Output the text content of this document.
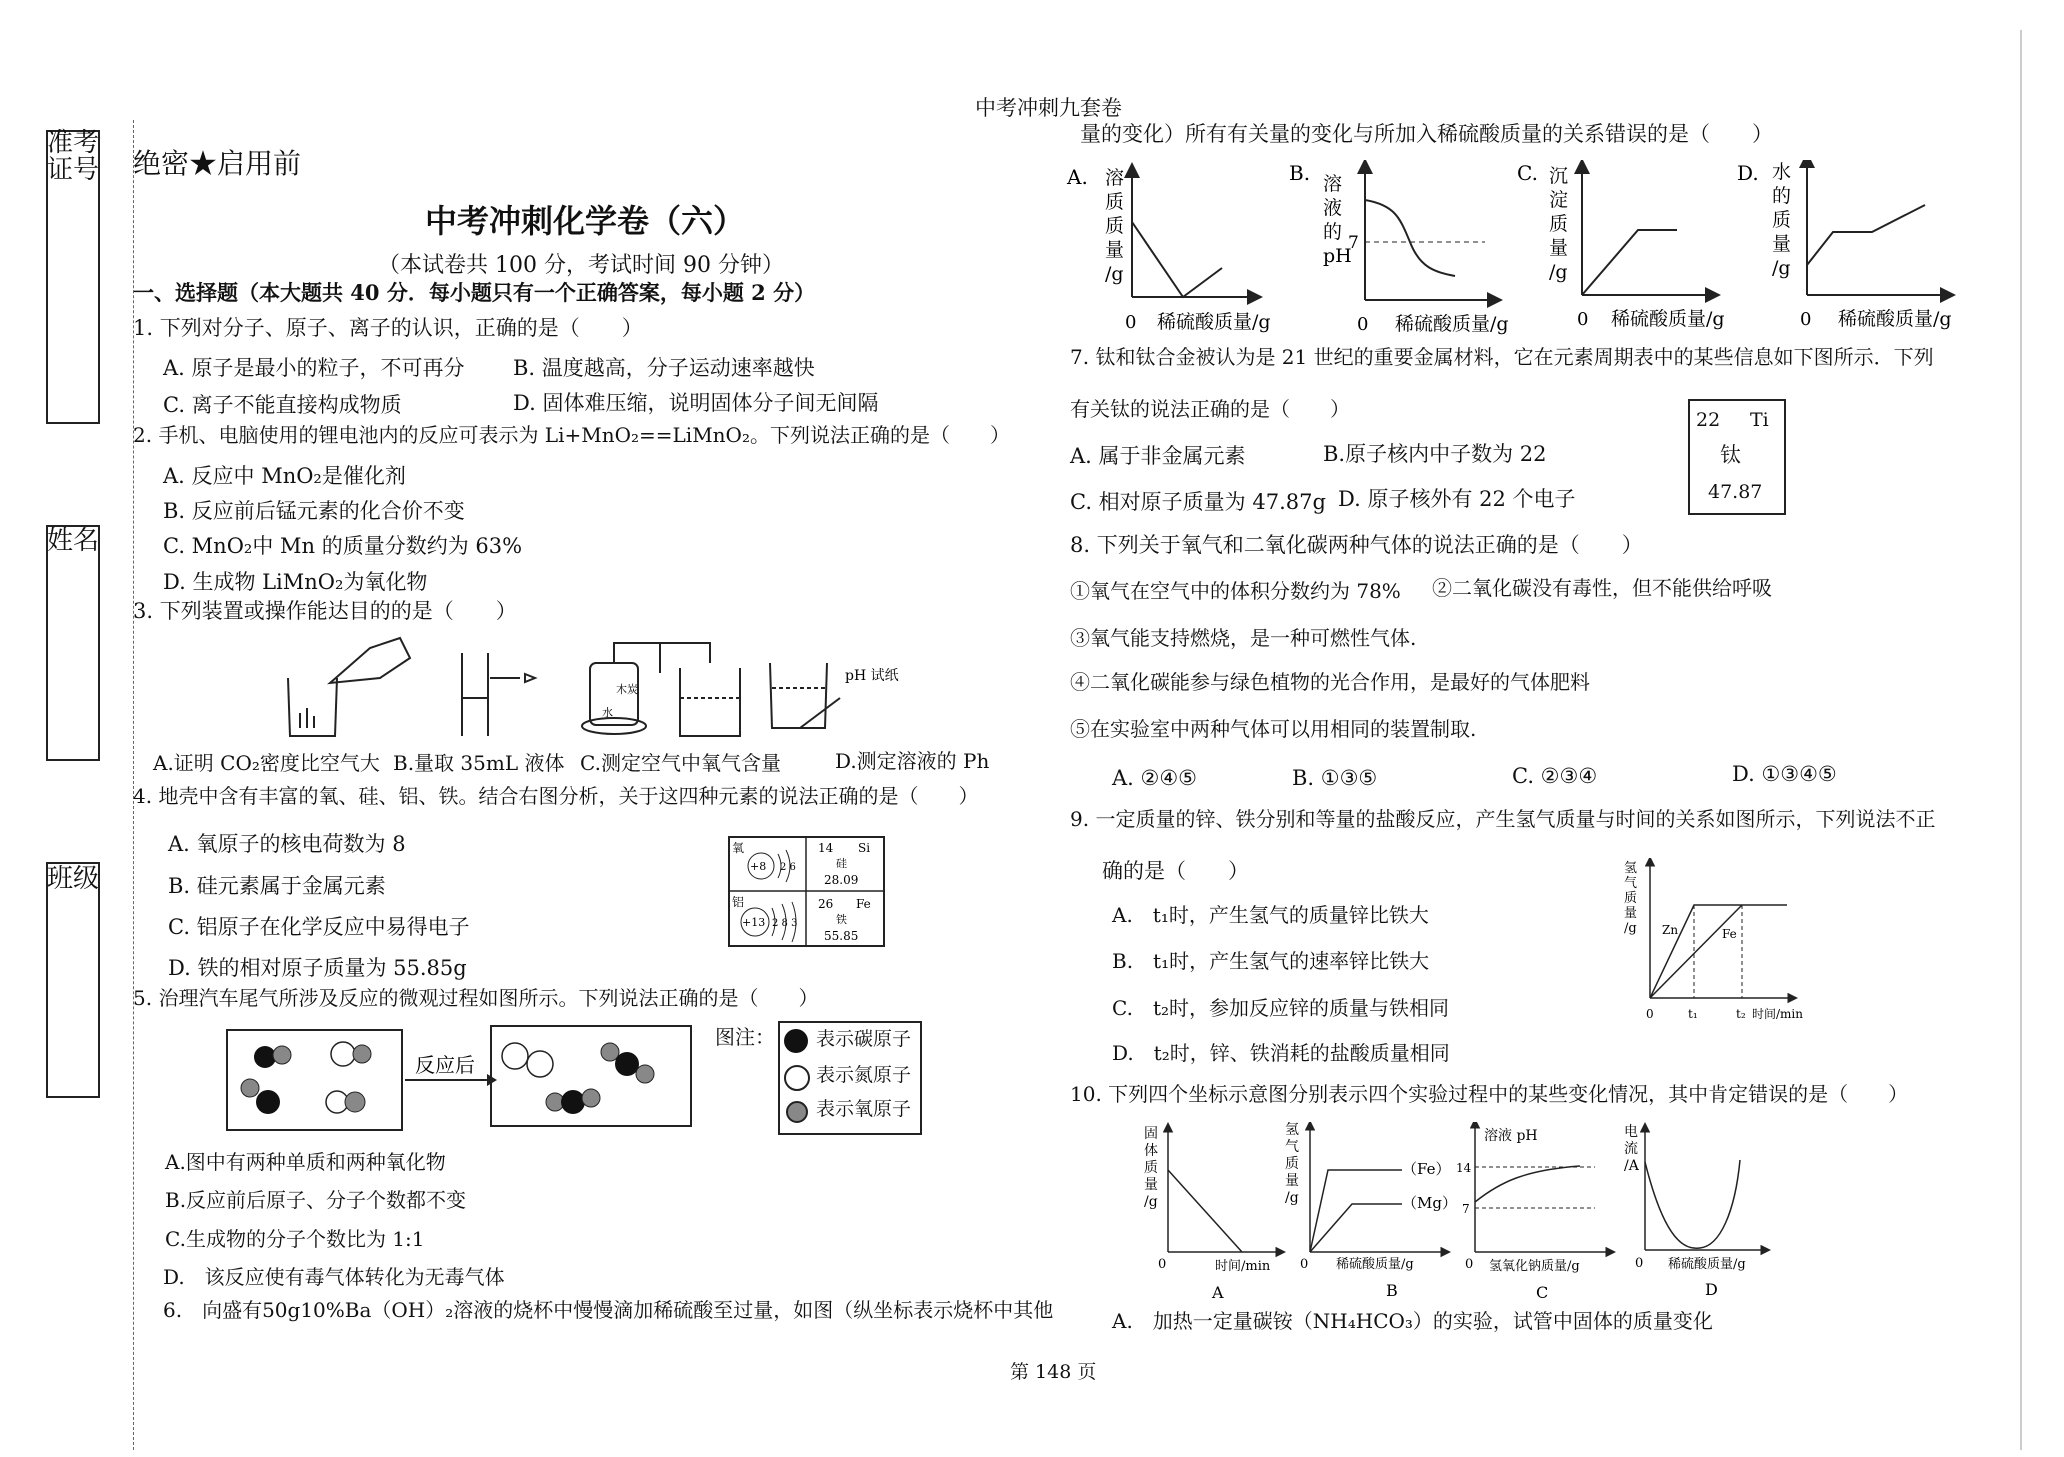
中考冲刺九套卷
第 148 页
准考证号
姓名
班级
绝密★启用前
中考冲刺化学卷（六）
（本试卷共 100 分，考试时间 90 分钟）
一、选择题（本大题共 40 分．每小题只有一个正确答案，每小题 2 分）
1. 下列对分子、原子、离子的认识，正确的是（　　）
A. 原子是最小的粒子，不可再分 B. 温度越高，分子运动速率越快
C. 离子不能直接构成物质	D. 固体难压缩，说明固体分子间无间隔
2. 手机、电脑使用的锂电池内的反应可表示为 Li+MnO₂==LiMnO₂。下列说法正确的是（　　）
A. 反应中 MnO₂是催化剂
B. 反应前后锰元素的化合价不变
C. MnO₂中 Mn 的质量分数约为 63%
D. 生成物 LiMnO₂为氧化物
3. 下列装置或操作能达目的的是（　　）
木炭
水
pH 试纸
A.证明 CO₂密度比空气大 B.量取 35mL 液体 C.测定空气中氧气含量	D.测定溶液的 Ph
4. 地壳中含有丰富的氧、硅、铝、铁。结合右图分析，关于这四种元素的说法正确的是（　　）
A. 氧原子的核电荷数为 8
B. 硅元素属于金属元素
C. 铝原子在化学反应中易得电子
D. 铁的相对原子质量为 55.85g
氧
+8 2 6
14 Si
硅
28.09
铝
+13 2 8 3
26 Fe
铁
55.85
5. 治理汽车尾气所涉及反应的微观过程如图所示。下列说法正确的是（　　）
反应后
图注： 表示碳原子
表示氮原子
表示氧原子
A.图中有两种单质和两种氧化物
B.反应前后原子、分子个数都不变
C.生成物的分子个数比为 1:1
D.　该反应使有毒气体转化为无毒气体
6.　向盛有50g10%Ba（OH）₂溶液的烧杯中慢慢滴加稀硫酸至过量，如图（纵坐标表示烧杯中其他
量的变化）所有有关量的变化与所加入稀硫酸质量的关系错误的是（　　）
A. 溶质质量/g
0 稀硫酸质量/g
B. 溶液的 pH
7
0 稀硫酸质量/g
C. 沉淀质量/g
0 稀硫酸质量/g
D. 水的质量/g
0 稀硫酸质量/g
7. 钛和钛合金被认为是 21 世纪的重要金属材料，它在元素周期表中的某些信息如下图所示．下列
有关钛的说法正确的是（　　）
A. 属于非金属元素	B.原子核内中子数为 22
C. 相对原子质量为 47.87g D. 原子核外有 22 个电子
22 Ti
钛
47.87
8. 下列关于氧气和二氧化碳两种气体的说法正确的是（　　）
①氧气在空气中的体积分数约为 78% ②二氧化碳没有毒性，但不能供给呼吸
③氧气能支持燃烧，是一种可燃性气体.
④二氧化碳能参与绿色植物的光合作用，是最好的气体肥料
⑤在实验室中两种气体可以用相同的装置制取.
A. ②④⑤	B. ①③⑤	C. ②③④	D. ①③④⑤
9. 一定质量的锌、铁分别和等量的盐酸反应，产生氢气质量与时间的关系如图所示，下列说法不正
确的是（　　）
A.　t₁时，产生氢气的质量锌比铁大
B.　t₁时，产生氢气的速率锌比铁大
C.　t₂时，参加反应锌的质量与铁相同
D.　t₂时，锌、铁消耗的盐酸质量相同
氢气质量/g Zn	Fe
0	t₁	t₂ 时间/min
10. 下列四个坐标示意图分别表示四个实验过程中的某些变化情况，其中肯定错误的是（　　）
固体质量/g
0	时间/min
A
氢气质量/g
（Fe）
（Mg）
0 稀硫酸质量/g
B
溶液 pH
14
7
0 氢氧化钠质量/g
C
电流/A
0 稀硫酸质量/g
D
A.　加热一定量碳铵（NH₄HCO₃）的实验，试管中固体的质量变化
